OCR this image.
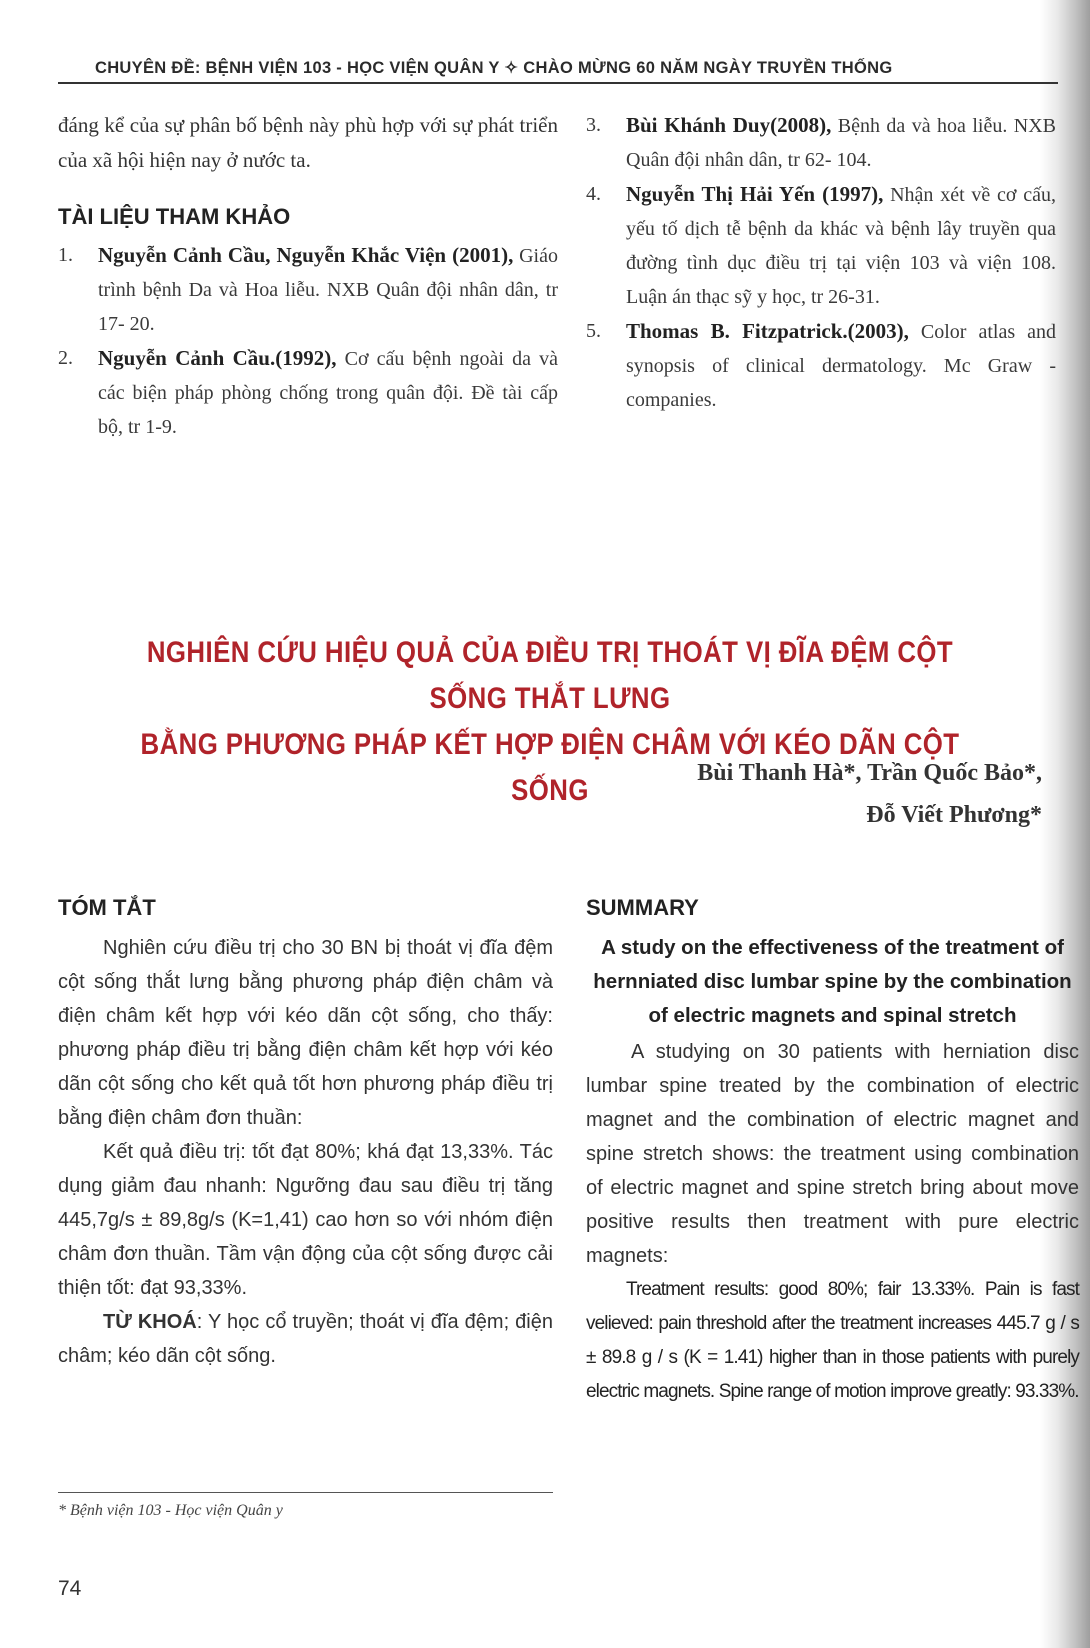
CHUYÊN ĐỀ: BỆNH VIỆN 103 - HỌC VIỆN QUÂN Y ✧ CHÀO MỪNG 60 NĂM NGÀY TRUYỀN THỐNG

đáng kể của sự phân bố bệnh này phù hợp với sự phát triển của xã hội hiện nay ở nước ta.

TÀI LIỆU THAM KHẢO
1.	Nguyễn Cảnh Cầu, Nguyễn Khắc Viện (2001), Giáo trình bệnh Da và Hoa liễu. NXB Quân đội nhân dân, tr 17- 20.
2.	Nguyễn Cảnh Cầu.(1992), Cơ cấu bệnh ngoài da và các biện pháp phòng chống trong quân đội. Đề tài cấp bộ, tr 1-9.
3.	Bùi Khánh Duy(2008), Bệnh da và hoa liễu. NXB Quân đội nhân dân, tr 62- 104.
4.	Nguyễn Thị Hải Yến (1997), Nhận xét về cơ cấu, yếu tố dịch tễ bệnh da khác và bệnh lây truyền qua đường tình dục điều trị tại viện 103 và viện 108. Luận án thạc sỹ y học, tr 26-31.
5.	Thomas B. Fitzpatrick.(2003), Color atlas and synopsis of clinical dermatology. Mc Graw - companies.
NGHIÊN CỨU HIỆU QUẢ CỦA ĐIỀU TRỊ THOÁT VỊ ĐĨA ĐỆM CỘT SỐNG THẮT LƯNG
BẰNG PHƯƠNG PHÁP KẾT HỢP ĐIỆN CHÂM VỚI KÉO DÃN CỘT SỐNG
Bùi Thanh Hà*, Trần Quốc Bảo*,
Đỗ Viết Phương*
TÓM TẮT

Nghiên cứu điều trị cho 30 BN bị thoát vị đĩa đệm cột sống thắt lưng bằng phương pháp điện châm và điện châm kết hợp với kéo dãn cột sống, cho thấy: phương pháp điều trị bằng điện châm kết hợp với kéo dãn cột sống cho kết quả tốt hơn phương pháp điều trị bằng điện châm đơn thuần:

Kết quả điều trị: tốt đạt 80%; khá đạt 13,33%. Tác dụng giảm đau nhanh: Ngưỡng đau sau điều trị tăng 445,7g/s ± 89,8g/s (K=1,41) cao hơn so với nhóm điện châm đơn thuần. Tầm vận động của cột sống được cải thiện tốt: đạt 93,33%.

TỪ KHOÁ: Y học cổ truyền; thoát vị đĩa đệm; điện châm; kéo dãn cột sống.

SUMMARY

A study on the effectiveness of the treatment of hernniated disc lumbar spine by the combination of electric magnets and spinal stretch

A studying on 30 patients with herniation disc lumbar spine treated by the combination of electric magnet and the combination of electric magnet and spine stretch shows: the treatment using combination of electric magnet and spine stretch bring about move positive results then treatment with pure electric magnets:

Treatment results: good 80%; fair 13.33%. Pain is fast velieved: pain threshold after the treatment increases 445.7 g / s ± 89.8 g / s (K = 1.41) higher than in those patients with purely electric magnets. Spine range of motion improve greatly: 93.33%.

* Bệnh viện 103 - Học viện Quân y
74
